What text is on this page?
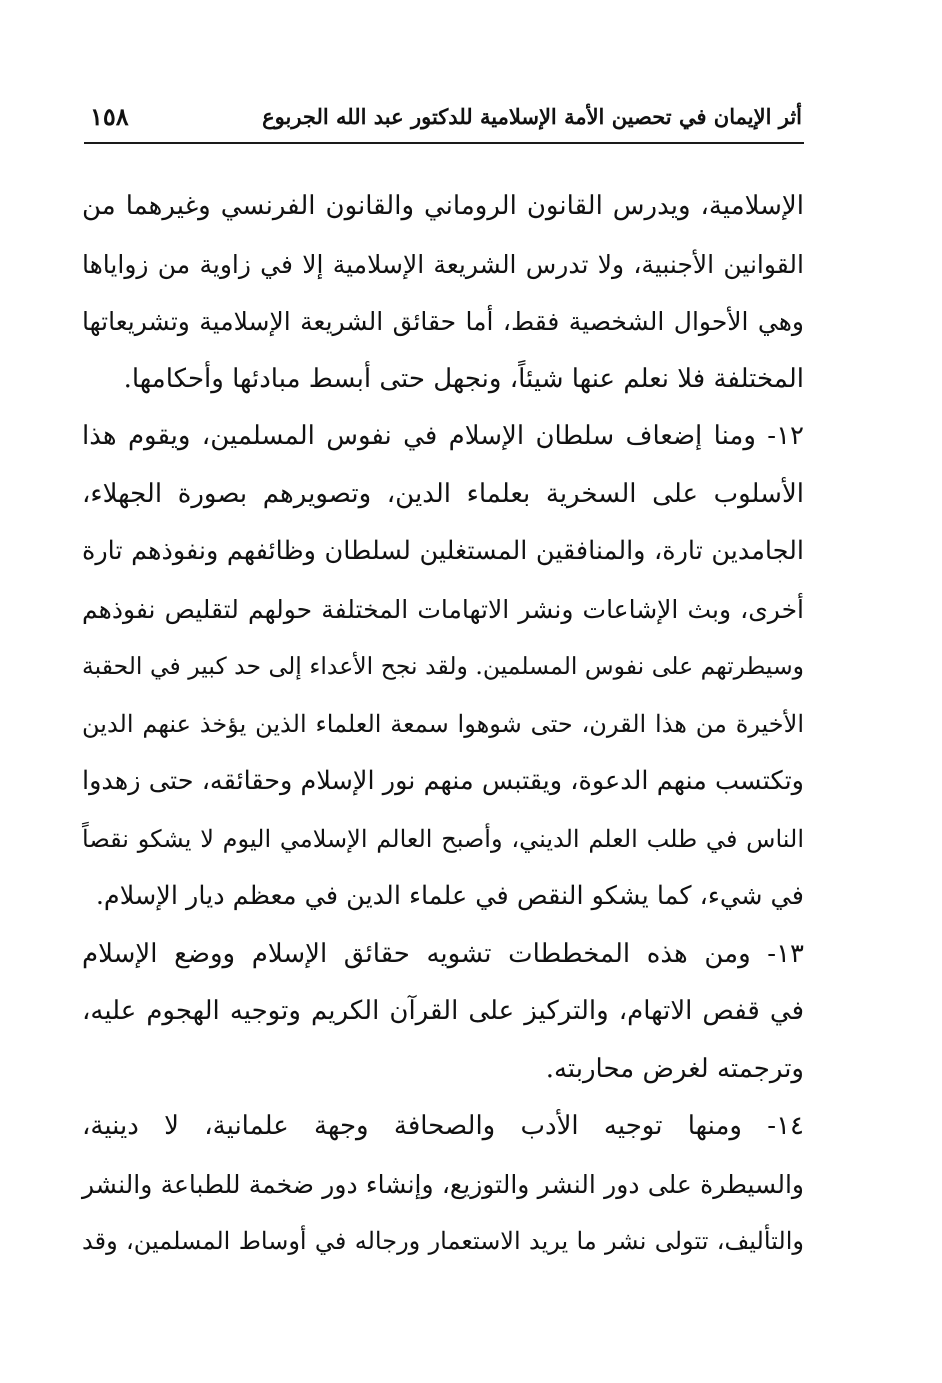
أثر الإيمان في تحصين الأمة الإسلامية للدكتور عبد الله الجربوع
١٥٨
الإسلامية، ويدرس القانون الروماني والقانون الفرنسي وغيرهما من
القوانين الأجنبية، ولا تدرس الشريعة الإسلامية إلا في زاوية من زواياها
وهي الأحوال الشخصية فقط، أما حقائق الشريعة الإسلامية وتشريعاتها
المختلفة فلا نعلم عنها شيئاً، ونجهل حتى أبسط مبادئها وأحكامها.
١٢- ومنا إضعاف سلطان الإسلام في نفوس المسلمين، ويقوم هذا
الأسلوب على السخرية بعلماء الدين، وتصويرهم بصورة الجهلاء،
الجامدين تارة، والمنافقين المستغلين لسلطان وظائفهم ونفوذهم تارة
أخرى، وبث الإشاعات ونشر الاتهامات المختلفة حولهم لتقليص نفوذهم
وسيطرتهم على نفوس المسلمين. ولقد نجح الأعداء إلى حد كبير في الحقبة
الأخيرة من هذا القرن، حتى شوهوا سمعة العلماء الذين يؤخذ عنهم الدين
وتكتسب منهم الدعوة، ويقتبس منهم نور الإسلام وحقائقه، حتى زهدوا
الناس في طلب العلم الديني، وأصبح العالم الإسلامي اليوم لا يشكو نقصاً
في شيء، كما يشكو النقص في علماء الدين في معظم ديار الإسلام.
١٣- ومن هذه المخططات تشويه حقائق الإسلام ووضع الإسلام
في قفص الاتهام، والتركيز على القرآن الكريم وتوجيه الهجوم عليه،
وترجمته لغرض محاربته.
١٤- ومنها توجيه الأدب والصحافة وجهة علمانية، لا دينية،
والسيطرة على دور النشر والتوزيع، وإنشاء دور ضخمة للطباعة والنشر
والتأليف، تتولى نشر ما يريد الاستعمار ورجاله في أوساط المسلمين، وقد
